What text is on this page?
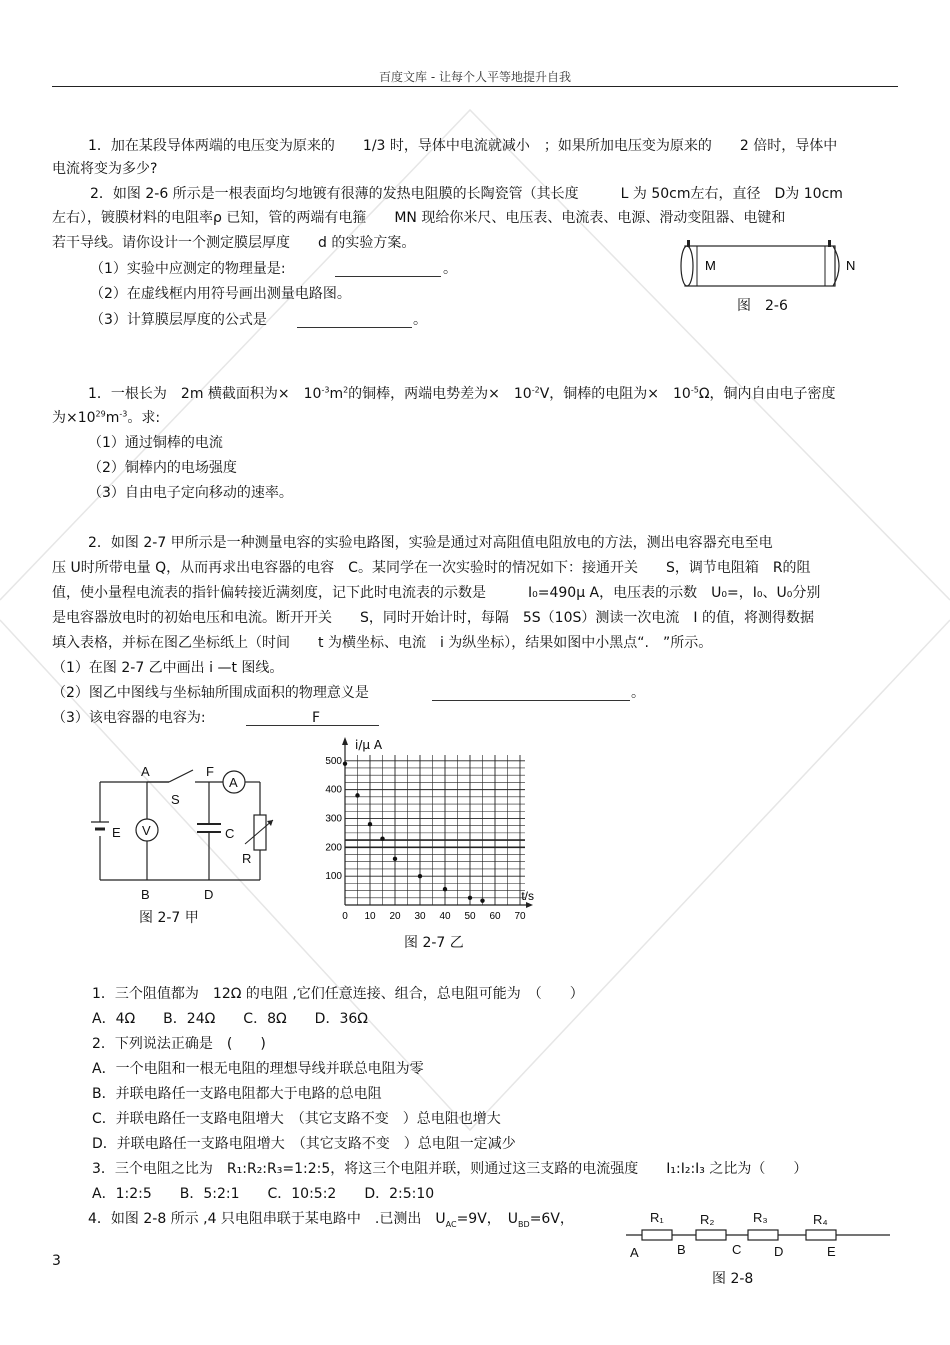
百度文库 - 让每个人平等地提升自我
1．加在某段导体两端的电压变为原来的　　1/3 时，导体中电流就减小　；如果所加电压变为原来的　　2 倍时，导体中
电流将变为多少?
2．如图 2-6 所示是一根表面均匀地镀有很薄的发热电阻膜的长陶瓷管（其长度　　　L 为 50cm左右，直径　D为 10cm
左右），镀膜材料的电阻率ρ 已知，管的两端有电箍　　MN 现给你米尺、电压表、电流表、电源、滑动变阻器、电键和
若干导线。请你设计一个测定膜层厚度　　d 的实验方案。
（1）实验中应测定的物理量是:	。
（2）在虚线框内用符号画出测量电路图。
（3）计算膜层厚度的公式是	。
M	N
图　2-6
1．一根长为　2m 横截面积为×　$10^{-3}m^2$的铜棒，两端电势差为×　$10^{-2}V$，铜棒的电阻为×　$10^{-5}\Omega$，铜内自由电子密度
为$\times 10^{29}m^{-3}$。求:
（1）通过铜棒的电流
（2）铜棒内的电场强度
（3）自由电子定向移动的速率。
2．如图 2-7 甲所示是一种测量电容的实验电路图，实验是通过对高阻值电阻放电的方法，测出电容器充电至电
压 U时所带电量 Q，从而再求出电容器的电容　C。某同学在一次实验时的情况如下：接通开关　　S，调节电阻箱　R的阻
值，使小量程电流表的指针偏转接近满刻度，记下此时电流表的示数是　　　I₀=490μ A，电压表的示数　U₀=，I₀、U₀分别
是电容器放电时的初始电压和电流。断开开关　　S，同时开始计时，每隔　5S（10S）测读一次电流　I 的值，将测得数据
填入表格，并标在图乙坐标纸上（时间　　t 为横坐标、电流　i 为纵坐标），结果如图中小黑点“.　”所示。
（1）在图 2-7 乙中画出 i —t 图线。
（2）图乙中图线与坐标轴所围成面积的物理意义是	。
（3）该电容器的电容为:	F
A	F
S
E V
A
C
R
B	D
图 2-7 甲
i/μ A
t/s
0 10 20 30 40 50 60 70
100
200
300
400
500
图 2-7 乙
1．三个阻值都为　12Ω 的电阻 ,它们任意连接、组合，总电阻可能为　（　　）
A．4Ω　　B．24Ω　　C．8Ω　　D．36Ω
2．下列说法正确是　(　　)
A．一个电阻和一根无电阻的理想导线并联总电阻为零
B．并联电路任一支路电阻都大于电路的总电阻
C．并联电路任一支路电阻增大　（其它支路不变　）总电阻也增大
D．并联电路任一支路电阻增大　（其它支路不变　）总电阻一定减少
3．三个电阻之比为　R₁:R₂:R₃=1:2:5，将这三个电阻并联，则通过这三支路的电流强度　　I₁:I₂:I₃ 之比为（　　）
A．1:2:5　　B．5:2:1　　C．10:5:2　　D．2:5:10
4．如图 2-8 所示 ,4 只电阻串联于某电路中　.已测出　$U_{AC}=9V$，　$U_{BD}=6V$，	R₁	R₂	R₃	R₄
A	B	C	D	E
图 2-8
3
